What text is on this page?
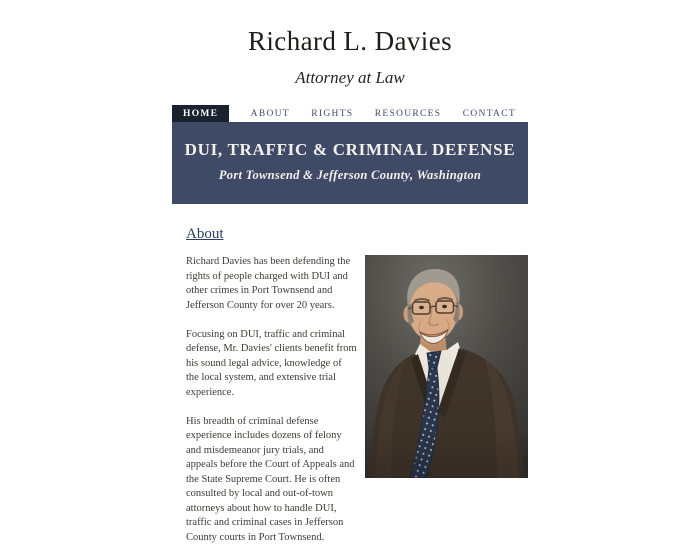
Richard L. Davies
Attorney at Law
HOME	ABOUT RIGHTS RESOURCES CONTACT
DUI, TRAFFIC & CRIMINAL DEFENSE
Port Townsend & Jefferson County, Washington
About

Richard Davies has been defending the rights of people charged with DUI and other crimes in Port Townsend and Jefferson County for over 20 years.

Focusing on DUI, traffic and criminal defense, Mr. Davies' clients benefit from his sound legal advice, knowledge of the local system, and extensive trial experience.

His breadth of criminal defense experience includes dozens of felony and misdemeanor jury trials, and appeals before the Court of Appeals and the State Supreme Court. He is often consulted by local and out-of-town attorneys about how to handle DUI, traffic and criminal cases in Jefferson County courts in Port Townsend.
